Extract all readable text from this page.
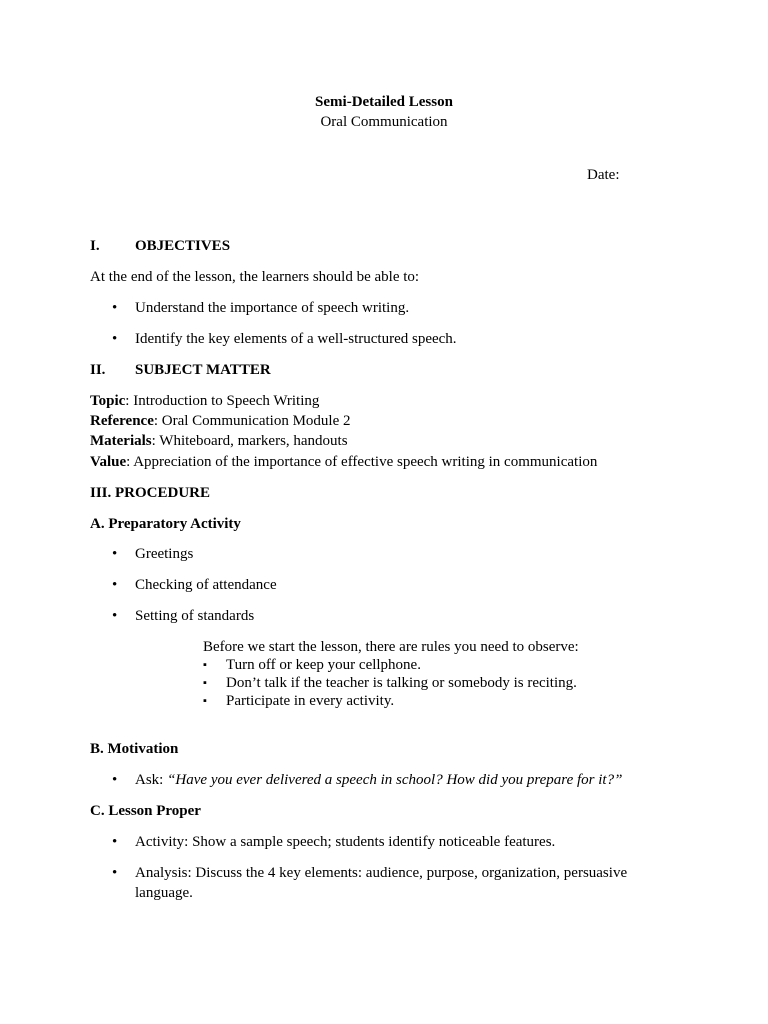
Semi-Detailed Lesson
Oral Communication
Date:
I. OBJECTIVES
At the end of the lesson, the learners should be able to:
• Understand the importance of speech writing.
• Identify the key elements of a well-structured speech.
II. SUBJECT MATTER
Topic: Introduction to Speech Writing
Reference: Oral Communication Module 2
Materials: Whiteboard, markers, handouts
Value: Appreciation of the importance of effective speech writing in communication
III. PROCEDURE
A. Preparatory Activity
• Greetings
• Checking of attendance
• Setting of standards
Before we start the lesson, there are rules you need to observe:
▪ Turn off or keep your cellphone.
▪ Don’t talk if the teacher is talking or somebody is reciting.
▪ Participate in every activity.
B. Motivation
• Ask: “Have you ever delivered a speech in school? How did you prepare for it?”
C. Lesson Proper
• Activity: Show a sample speech; students identify noticeable features.
• Analysis: Discuss the 4 key elements: audience, purpose, organization, persuasive
language.
